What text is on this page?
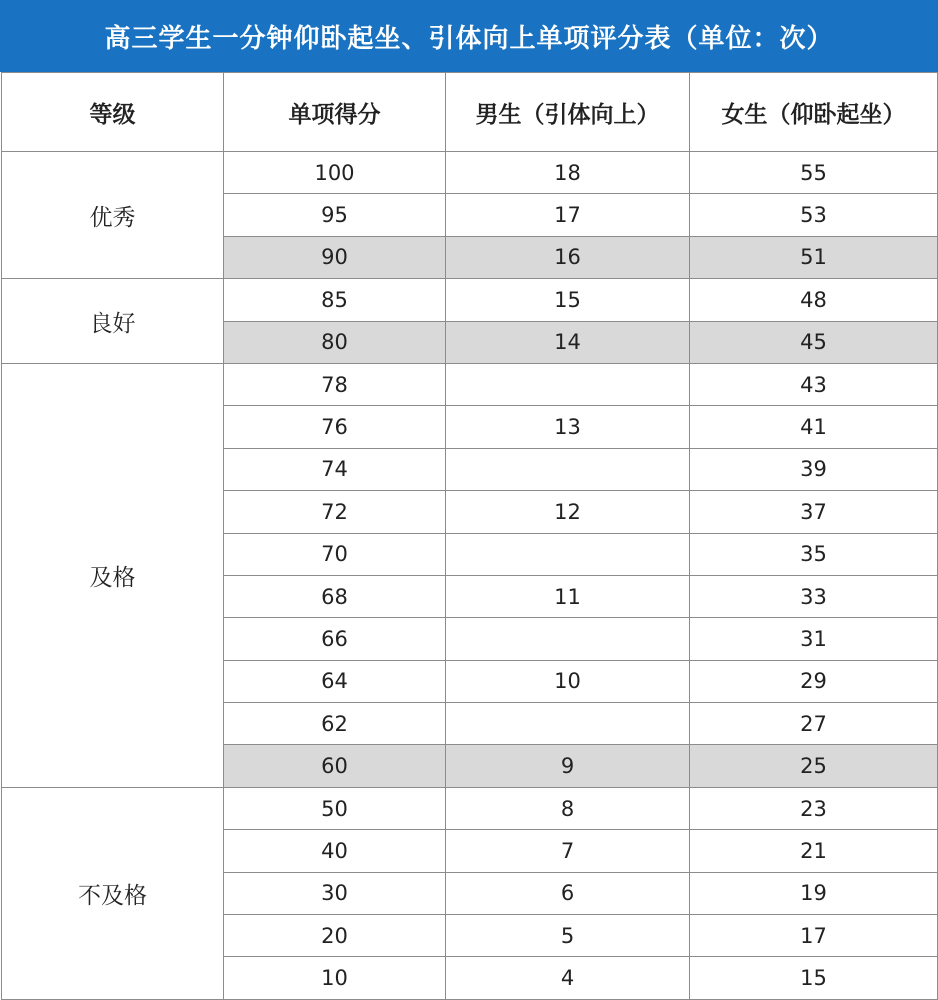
高三学生一分钟仰卧起坐、引体向上单项评分表（单位：次）
等级	单项得分	男生（引体向上）	女生（仰卧起坐）
优秀	100	18	55
	95	17	53
	90	16	51
良好	85	15	48
	80	14	45
及格	78		43
	76	13	41
	74		39
	72	12	37
	70		35
	68	11	33
	66		31
	64	10	29
	62		27
	60	9	25
不及格	50	8	23
	40	7	21
	30	6	19
	20	5	17
	10	4	15
